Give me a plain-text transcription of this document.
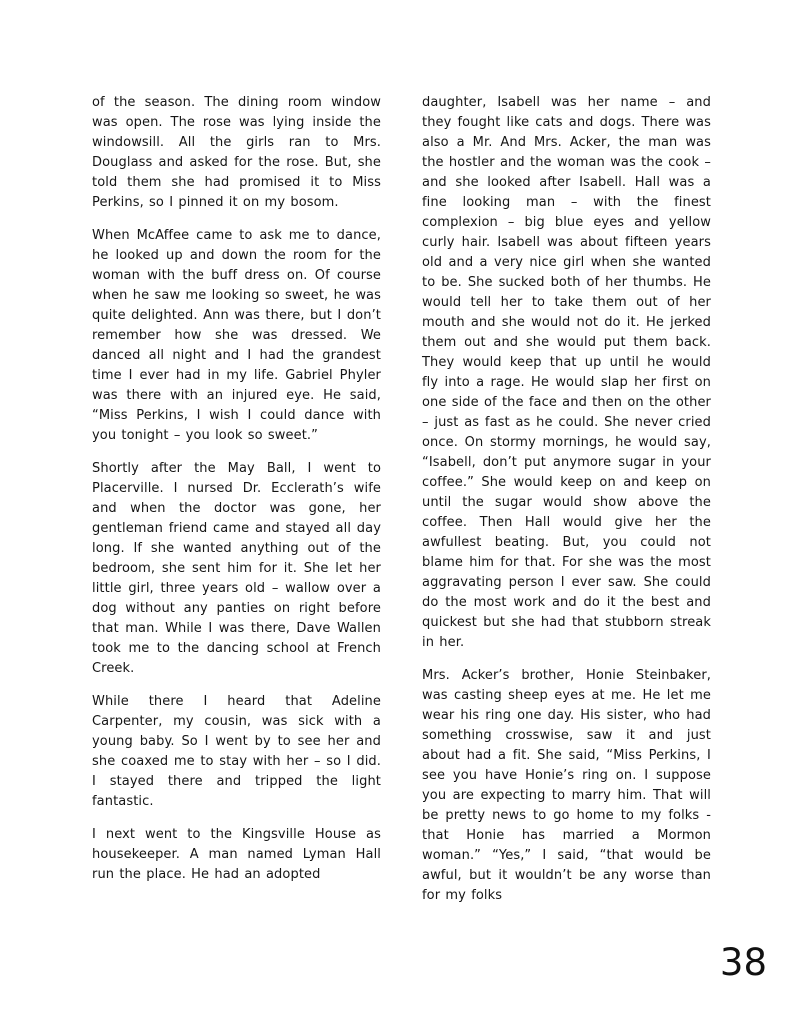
of the season. The dining room window was open. The rose was lying inside the windowsill. All the girls ran to Mrs. Douglass and asked for the rose. But, she told them she had promised it to Miss Perkins, so I pinned it on my bosom.

When McAffee came to ask me to dance, he looked up and down the room for the woman with the buff dress on. Of course when he saw me looking so sweet, he was quite delighted. Ann was there, but I don’t remember how she was dressed. We danced all night and I had the grandest time I ever had in my life. Gabriel Phyler was there with an injured eye. He said, “Miss Perkins, I wish I could dance with you tonight – you look so sweet.”

Shortly after the May Ball, I went to Placerville. I nursed Dr. Ecclerath’s wife and when the doctor was gone, her gentleman friend came and stayed all day long. If she wanted anything out of the bedroom, she sent him for it. She let her little girl, three years old – wallow over a dog without any panties on right before that man. While I was there, Dave Wallen took me to the dancing school at French Creek.

While there I heard that Adeline Carpenter, my cousin, was sick with a young baby. So I went by to see her and she coaxed me to stay with her – so I did. I stayed there and tripped the light fantastic.

I next went to the Kingsville House as housekeeper. A man named Lyman Hall run the place. He had an adopted

daughter, Isabell was her name – and they fought like cats and dogs. There was also a Mr. And Mrs. Acker, the man was the hostler and the woman was the cook – and she looked after Isabell. Hall was a fine looking man – with the finest complexion – big blue eyes and yellow curly hair. Isabell was about fifteen years old and a very nice girl when she wanted to be. She sucked both of her thumbs. He would tell her to take them out of her mouth and she would not do it. He jerked them out and she would put them back. They would keep that up until he would fly into a rage. He would slap her first on one side of the face and then on the other – just as fast as he could. She never cried once. On stormy mornings, he would say, “Isabell, don’t put anymore sugar in your coffee.” She would keep on and keep on until the sugar would show above the coffee. Then Hall would give her the awfullest beating. But, you could not blame him for that. For she was the most aggravating person I ever saw. She could do the most work and do it the best and quickest but she had that stubborn streak in her.

Mrs. Acker’s brother, Honie Steinbaker, was casting sheep eyes at me. He let me wear his ring one day. His sister, who had something crosswise, saw it and just about had a fit. She said, “Miss Perkins, I see you have Honie’s ring on. I suppose you are expecting to marry him. That will be pretty news to go home to my folks - that Honie has married a Mormon woman.” “Yes,” I said, “that would be awful, but it wouldn’t be any worse than for my folks

38
